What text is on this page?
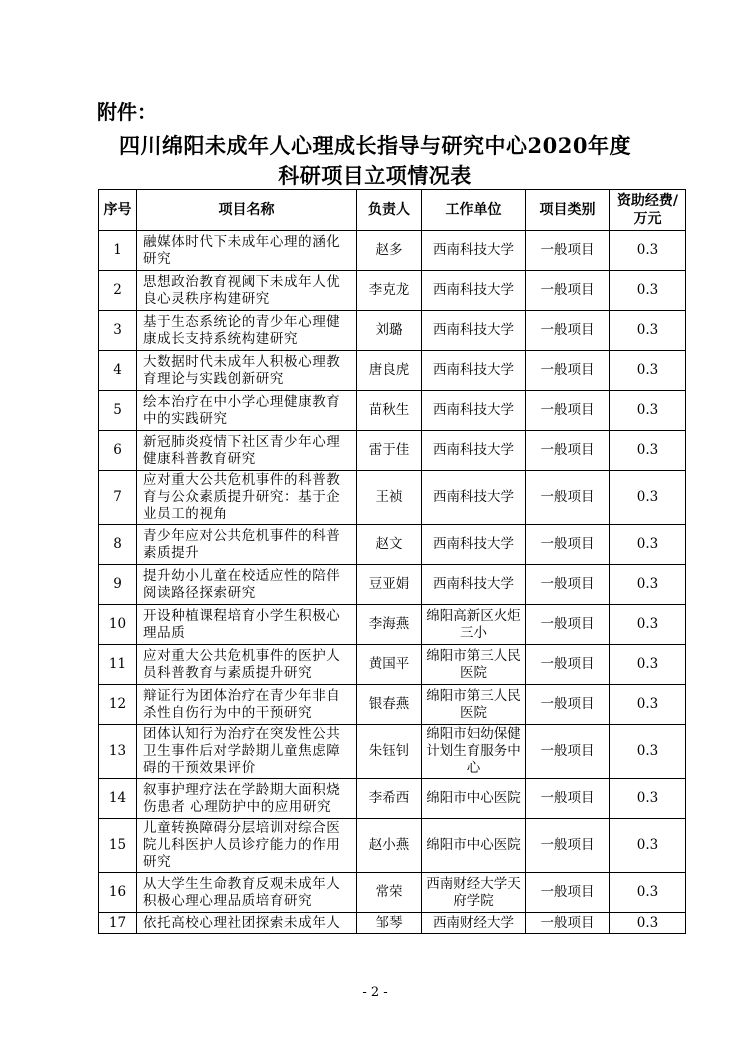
附件：
四川绵阳未成年人心理成长指导与研究中心2020年度
科研项目立项情况表
序号	项目名称	负责人	工作单位	项目类别	资助经费/万元
1	融媒体时代下未成年心理的涵化研究	赵多	西南科技大学	一般项目	0.3
2	思想政治教育视阈下未成年人优良心灵秩序构建研究	李克龙	西南科技大学	一般项目	0.3
3	基于生态系统论的青少年心理健康成长支持系统构建研究	刘璐	西南科技大学	一般项目	0.3
4	大数据时代未成年人积极心理教育理论与实践创新研究	唐良虎	西南科技大学	一般项目	0.3
5	绘本治疗在中小学心理健康教育中的实践研究	苗秋生	西南科技大学	一般项目	0.3
6	新冠肺炎疫情下社区青少年心理健康科普教育研究	雷于佳	西南科技大学	一般项目	0.3
7	应对重大公共危机事件的科普教育与公众素质提升研究：基于企业员工的视角	王祯	西南科技大学	一般项目	0.3
8	青少年应对公共危机事件的科普素质提升	赵文	西南科技大学	一般项目	0.3
9	提升幼小儿童在校适应性的陪伴阅读路径探索研究	豆亚娟	西南科技大学	一般项目	0.3
10	开设种植课程培育小学生积极心理品质	李海燕	绵阳高新区火炬三小	一般项目	0.3
11	应对重大公共危机事件的医护人员科普教育与素质提升研究	黄国平	绵阳市第三人民医院	一般项目	0.3
12	辩证行为团体治疗在青少年非自杀性自伤行为中的干预研究	银春燕	绵阳市第三人民医院	一般项目	0.3
13	团体认知行为治疗在突发性公共卫生事件后对学龄期儿童焦虑障碍的干预效果评价	朱钰钊	绵阳市妇幼保健计划生育服务中心	一般项目	0.3
14	叙事护理疗法在学龄期大面积烧伤患者 心理防护中的应用研究	李希西	绵阳市中心医院	一般项目	0.3
15	儿童转换障碍分层培训对综合医院儿科医护人员诊疗能力的作用研究	赵小燕	绵阳市中心医院	一般项目	0.3
16	从大学生生命教育反观未成年人积极心理心理品质培育研究	常荣	西南财经大学天府学院	一般项目	0.3
17	依托高校心理社团探索未成年人	邹琴	西南财经大学	一般项目	0.3
- 2 -
